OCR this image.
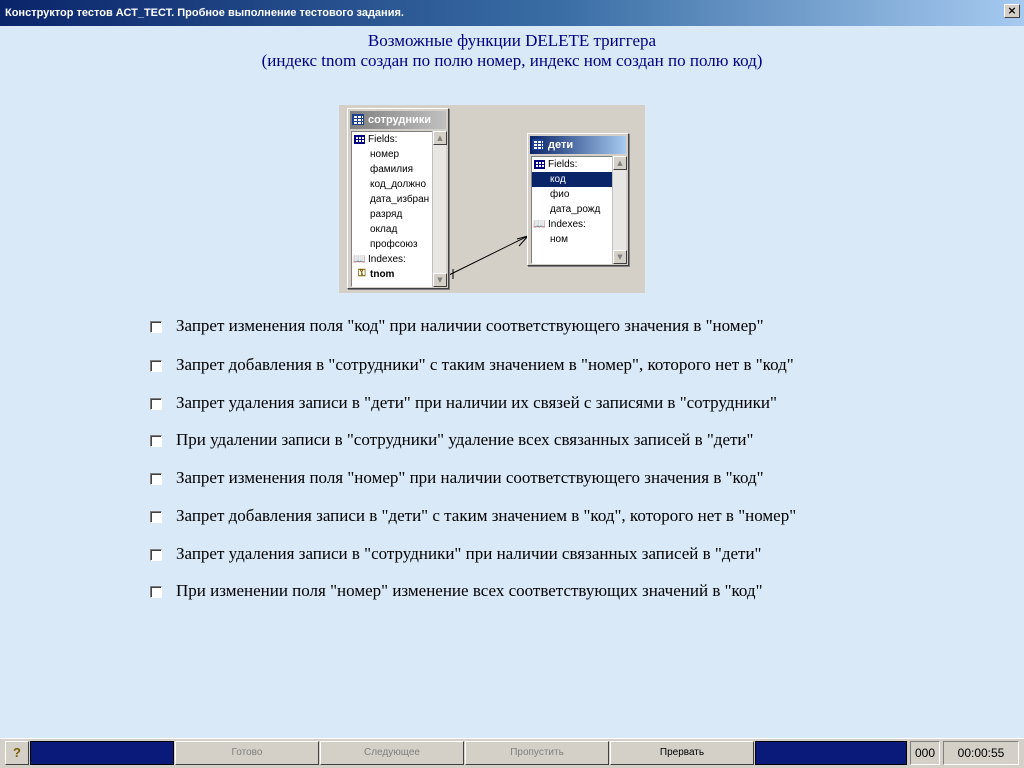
Конструктор тестов АСТ_ТЕСТ. Пробное выполнение тестового задания.	×
Возможные функции DELETE триггера
(индекс tnom создан по полю номер, индекс ном создан по полю код)
сотрудники
Fields:
номер
фамилия
код_должно
дата_избран
разряд
оклад
профсоюз
📖 Indexes:
⚿ tnom
▲
▼
дети
Fields:
код
фио
дата_рожд
📖 Indexes:
ном
▲
▼
Запрет изменения поля "код" при наличии соответствующего значения в "номер"
Запрет добавления в "сотрудники" с таким значением в "номер", которого нет в "код"
Запрет удаления записи в "дети" при наличии их связей с записями в "сотрудники"
При удалении записи в "сотрудники" удаление всех связанных записей в "дети"
Запрет изменения поля "номер" при наличии соответствующего значения в "код"
Запрет добавления записи в "дети" с таким значением в "код", которого нет в "номер"
Запрет удаления записи в "сотрудники" при наличии связанных записей в "дети"
При изменении поля "номер" изменение всех соответствующих значений в "код"
?	Готово	Следующее	Пропустить	Прервать	000	00:00:55
